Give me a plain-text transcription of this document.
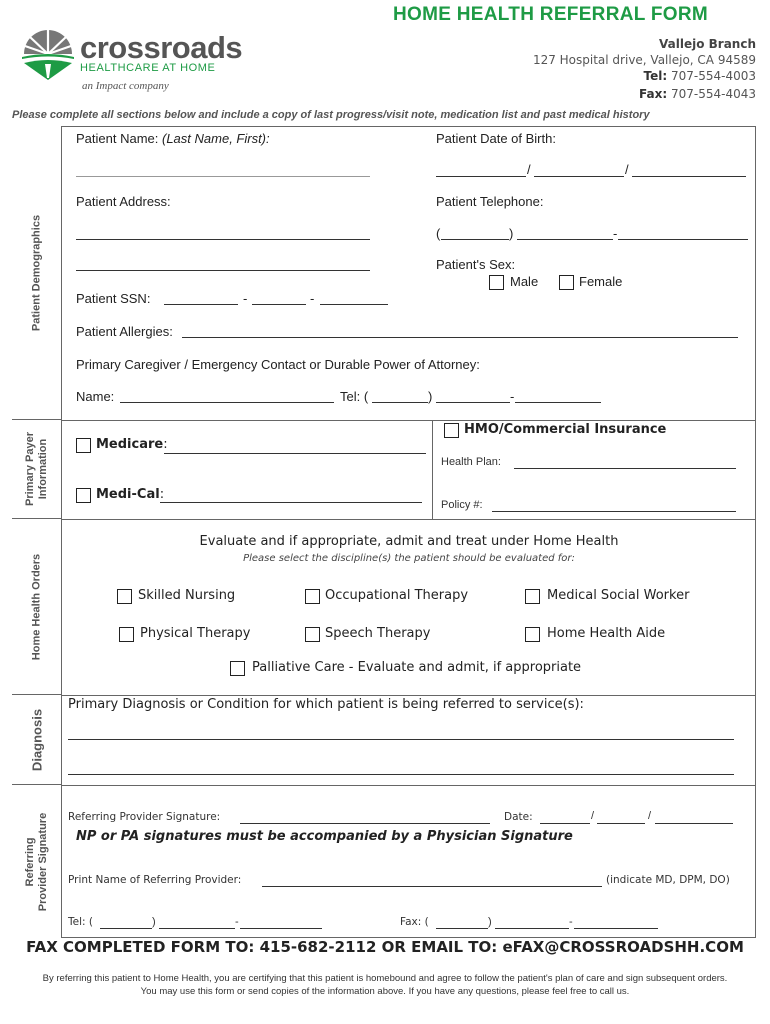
HOME HEALTH REFERRAL FORM
Vallejo Branch
127 Hospital drive, Vallejo, CA 94589
Tel: 707-554-4003
Fax: 707-554-4043
crossroads
HEALTHCARE AT HOME
an Impact company
Please complete all sections below and include a copy of last progress/visit note, medication list and past medical history
Patient Demographics
Primary Payer Information
Home Health Orders
Diagnosis
Referring Provider Signature
Patient Name: (Last Name, First):	Patient Date of Birth:
/	/
Patient Address:	Patient Telephone:
(	)	-
Patient's Sex:
Male	Female
Patient SSN:	-	-
Patient Allergies:
Primary Caregiver / Emergency Contact or Durable Power of Attorney:
Name:	Tel: (	)	-
Medicare:
Medi-Cal:
HMO/Commercial Insurance
Health Plan:
Policy #:
Evaluate and if appropriate, admit and treat under Home Health
Please select the discipline(s) the patient should be evaluated for:
Skilled Nursing	Occupational Therapy	Medical Social Worker
Physical Therapy	Speech Therapy	Home Health Aide
Palliative Care - Evaluate and admit, if appropriate
Primary Diagnosis or Condition for which patient is being referred to service(s):
Referring Provider Signature:	Date:	/	/
NP or PA signatures must be accompanied by a Physician Signature
Print Name of Referring Provider:	(indicate MD, DPM, DO)
Tel: (	)	-	Fax: (	)	-
FAX COMPLETED FORM TO: 415-682-2112 OR EMAIL TO: eFAX@CROSSROADSHH.COM
By referring this patient to Home Health, you are certifying that this patient is homebound and agree to follow the patient's plan of care and sign subsequent orders.
You may use this form or send copies of the information above. If you have any questions, please feel free to call us.
